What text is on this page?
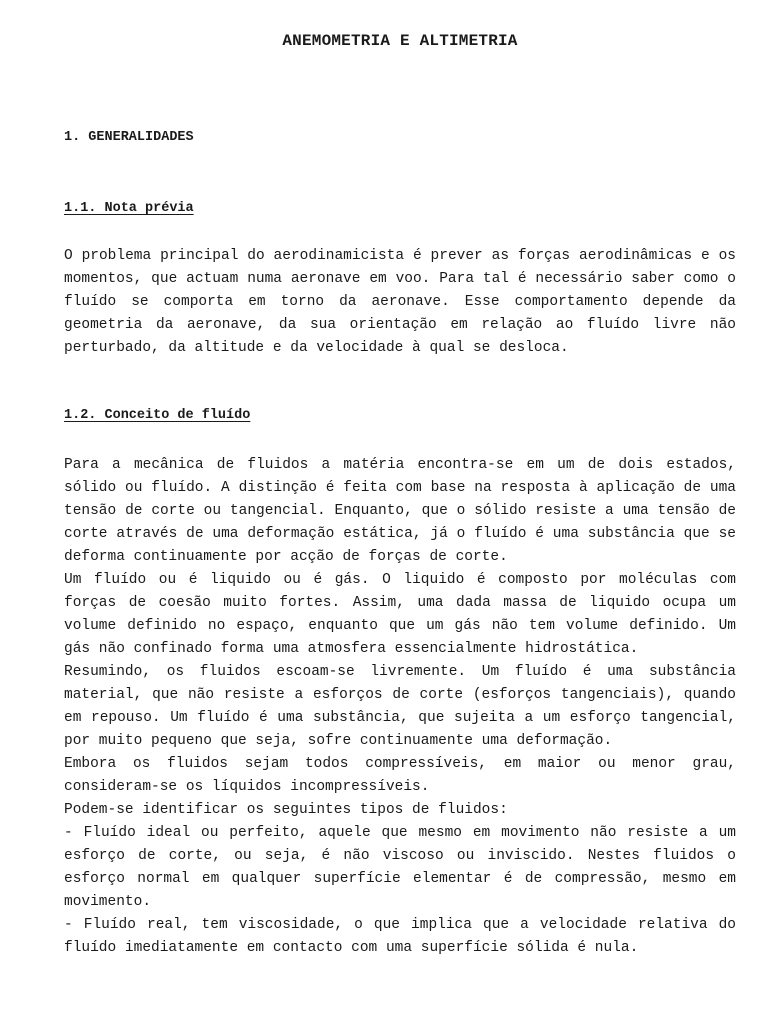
ANEMOMETRIA E ALTIMETRIA
1. GENERALIDADES
1.1. Nota prévia

O problema principal do aerodinamicista é prever as forças aerodinâmicas e os momentos, que actuam numa aeronave em voo. Para tal é necessário saber como o fluído se comporta em torno da aeronave. Esse comportamento depende da geometria da aeronave, da sua orientação em relação ao fluído livre não perturbado, da altitude e da velocidade à qual se desloca.

1.2. Conceito de fluído

Para a mecânica de fluidos a matéria encontra-se em um de dois estados, sólido ou fluído. A distinção é feita com base na resposta à aplicação de uma tensão de corte ou tangencial. Enquanto, que o sólido resiste a uma tensão de corte através de uma deformação estática, já o fluído é uma substância que se deforma continuamente por acção de forças de corte.

Um fluído ou é liquido ou é gás. O liquido é composto por moléculas com forças de coesão muito fortes. Assim, uma dada massa de liquido ocupa um volume definido no espaço, enquanto que um gás não tem volume definido. Um gás não confinado forma uma atmosfera essencialmente hidrostática.

Resumindo, os fluidos escoam-se livremente. Um fluído é uma substância material, que não resiste a esforços de corte (esforços tangenciais), quando em repouso. Um fluído é uma substância, que sujeita a um esforço tangencial, por muito pequeno que seja, sofre continuamente uma deformação.

Embora os fluidos sejam todos compressíveis, em maior ou menor grau, consideram-se os líquidos incompressíveis.

Podem-se identificar os seguintes tipos de fluidos:

- Fluído ideal ou perfeito, aquele que mesmo em movimento não resiste a um esforço de corte, ou seja, é não viscoso ou inviscido. Nestes fluidos o esforço normal em qualquer superfície elementar é de compressão, mesmo em movimento.

- Fluído real, tem viscosidade, o que implica que a velocidade relativa do fluído imediatamente em contacto com uma superfície sólida é nula.
